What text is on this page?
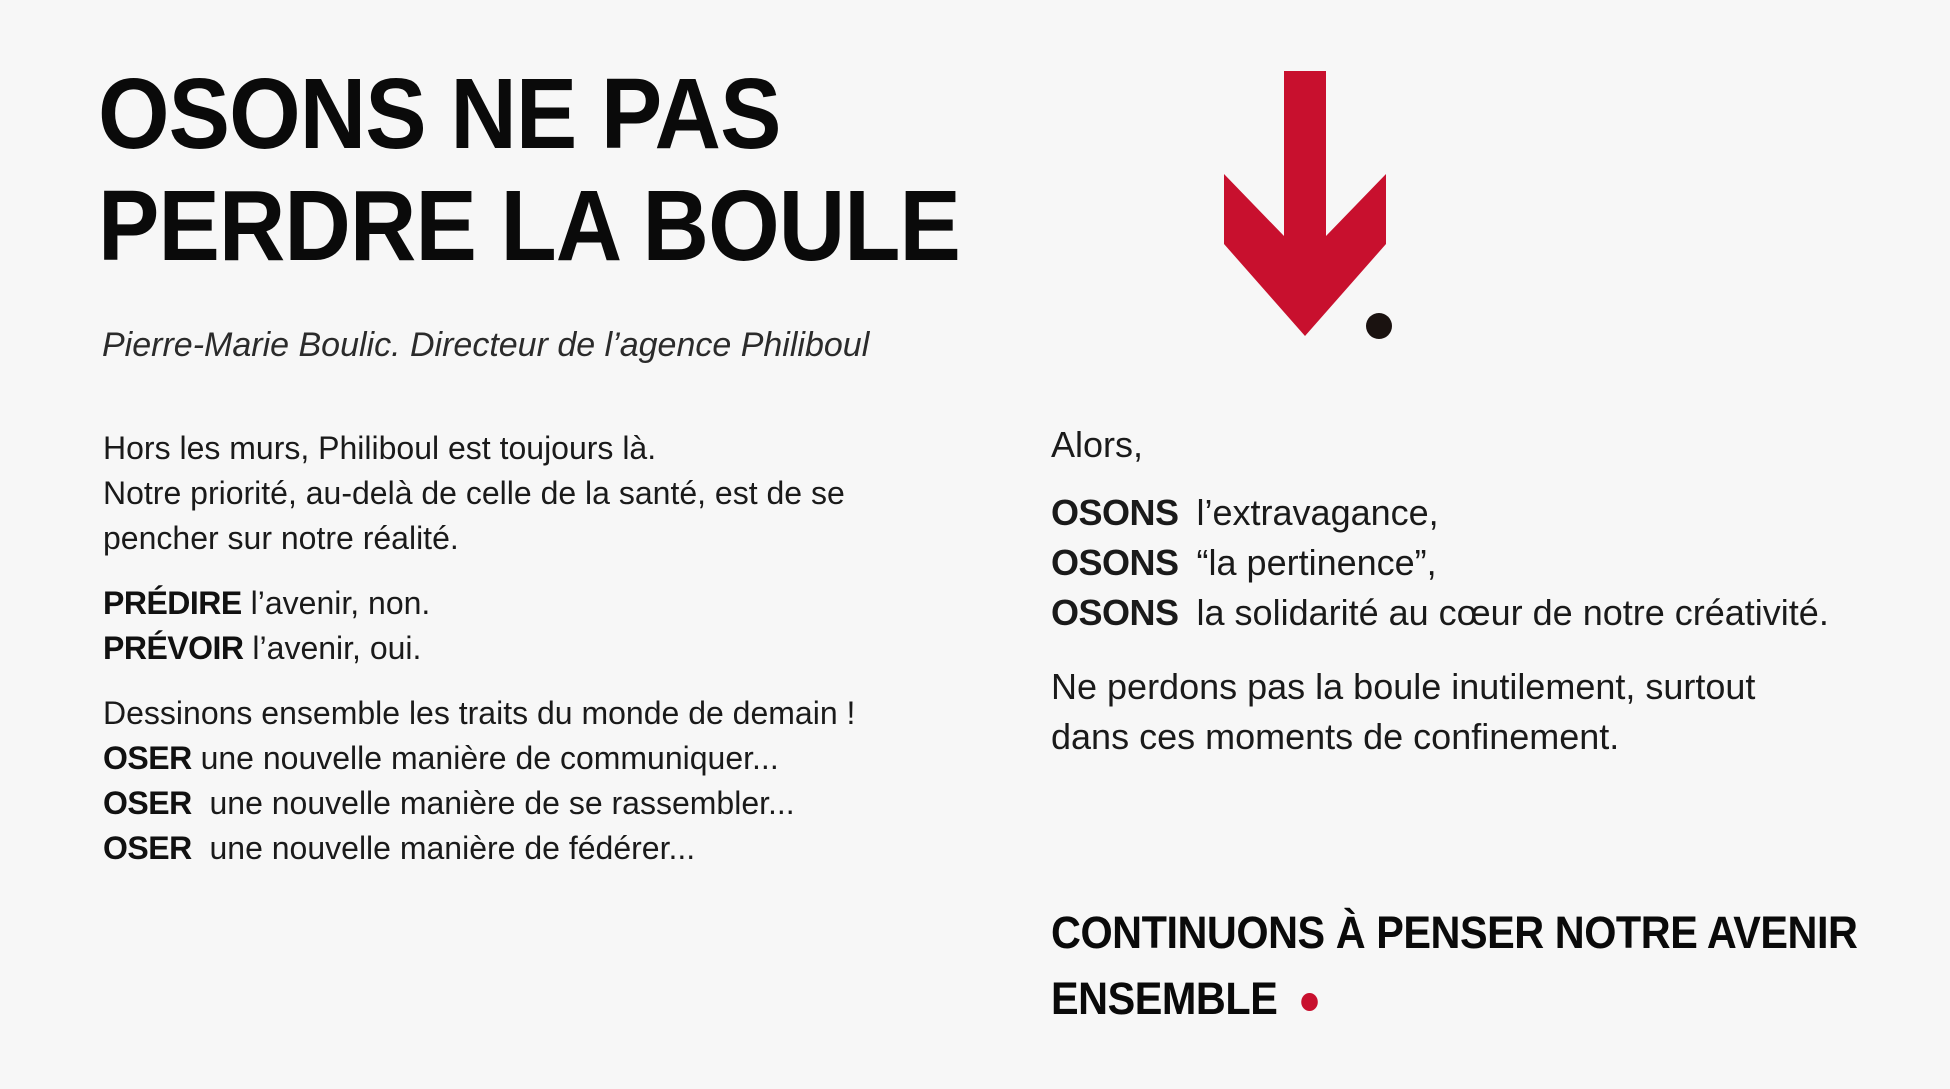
OSONS NE PAS
PERDRE LA BOULE
Pierre-Marie Boulic. Directeur de l’agence Philiboul

Hors les murs, Philiboul est toujours là.
Notre priorité, au-delà de celle de la santé, est de se
pencher sur notre réalité.

PRÉDIRE l’avenir, non.
PRÉVOIR l’avenir, oui.

Dessinons ensemble les traits du monde de demain !
OSER une nouvelle manière de communiquer...
OSER  une nouvelle manière de se rassembler...
OSER  une nouvelle manière de fédérer...

Alors,

OSONS l’extravagance,
OSONS “la pertinence”,
OSONS la solidarité au cœur de notre créativité.

Ne perdons pas la boule inutilement, surtout
dans ces moments de confinement.

CONTINUONS À PENSER NOTRE AVENIR
ENSEMBLE
